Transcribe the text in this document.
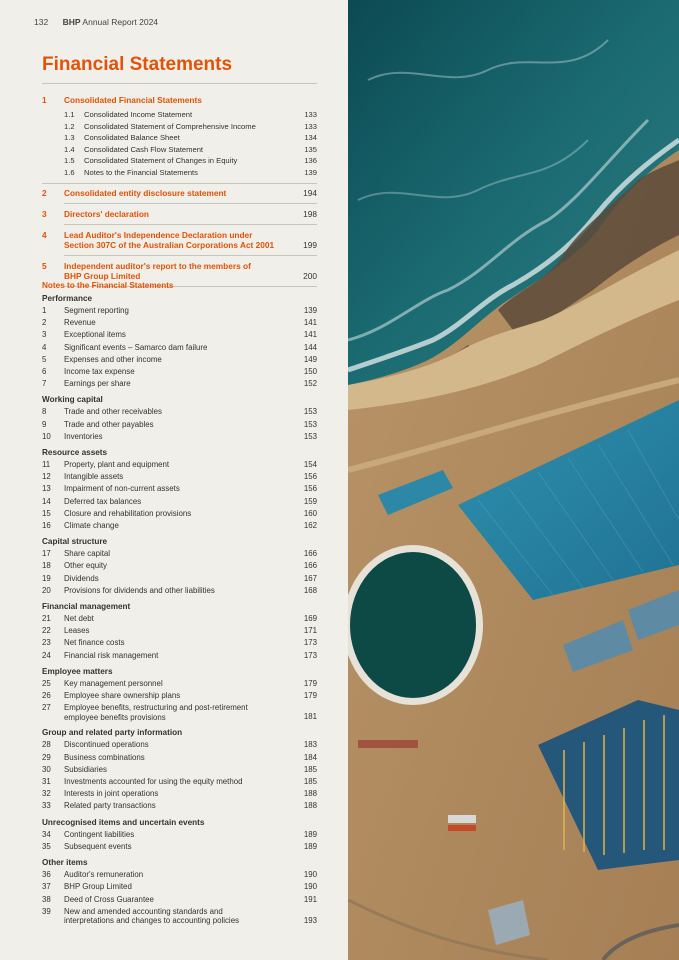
132 BHP Annual Report 2024
Financial Statements
1	Consolidated Financial Statements
1.1	Consolidated Income Statement	133
1.2	Consolidated Statement of Comprehensive Income	133
1.3	Consolidated Balance Sheet	134
1.4	Consolidated Cash Flow Statement	135
1.5	Consolidated Statement of Changes in Equity	136
1.6	Notes to the Financial Statements	139
2	Consolidated entity disclosure statement	194
3	Directors' declaration	198
4	Lead Auditor's Independence Declaration under
Section 307C of the Australian Corporations Act 2001	199
5	Independent auditor's report to the members of
BHP Group Limited	200
Notes to the Financial Statements
Performance
1	Segment reporting	139
2	Revenue	141
3	Exceptional items	141
4	Significant events – Samarco dam failure	144
5	Expenses and other income	149
6	Income tax expense	150
7	Earnings per share	152
Working capital
8	Trade and other receivables	153
9	Trade and other payables	153
10	Inventories	153
Resource assets
11	Property, plant and equipment	154
12	Intangible assets	156
13	Impairment of non-current assets	156
14	Deferred tax balances	159
15	Closure and rehabilitation provisions	160
16	Climate change	162
Capital structure
17	Share capital	166
18	Other equity	166
19	Dividends	167
20	Provisions for dividends and other liabilities	168
Financial management
21	Net debt	169
22	Leases	171
23	Net finance costs	173
24	Financial risk management	173
Employee matters
25	Key management personnel	179
26	Employee share ownership plans	179
27	Employee benefits, restructuring and post-retirement
employee benefits provisions	181
Group and related party information
28	Discontinued operations	183
29	Business combinations	184
30	Subsidiaries	185
31	Investments accounted for using the equity method	185
32	Interests in joint operations	188
33	Related party transactions	188
Unrecognised items and uncertain events
34	Contingent liabilities	189
35	Subsequent events	189
Other items
36	Auditor's remuneration	190
37	BHP Group Limited	190
38	Deed of Cross Guarantee	191
39	New and amended accounting standards and
interpretations and changes to accounting policies	193
